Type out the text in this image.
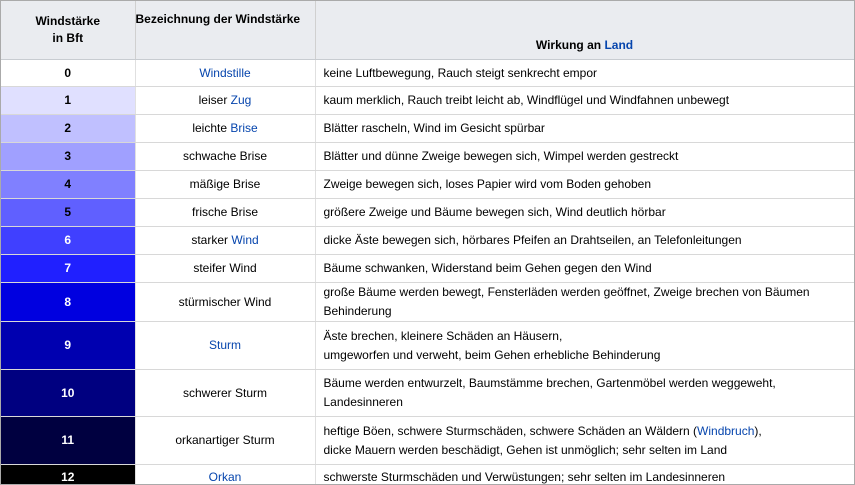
Windstärke
in Bft	Bezeichnung der Windstärke	Wirkung an Land
0	Windstille	keine Luftbewegung, Rauch steigt senkrecht empor
1	leiser Zug	kaum merklich, Rauch treibt leicht ab, Windflügel und Windfahnen unbewegt
2	leichte Brise	Blätter rascheln, Wind im Gesicht spürbar
3	schwache Brise	Blätter und dünne Zweige bewegen sich, Wimpel werden gestreckt
4	mäßige Brise	Zweige bewegen sich, loses Papier wird vom Boden gehoben
5	frische Brise	größere Zweige und Bäume bewegen sich, Wind deutlich hörbar
6	starker Wind	dicke Äste bewegen sich, hörbares Pfeifen an Drahtseilen, an Telefonleitungen
7	steifer Wind	Bäume schwanken, Widerstand beim Gehen gegen den Wind
8	stürmischer Wind	große Bäume werden bewegt, Fensterläden werden geöffnet, Zweige brechen von Bäumen
Behinderung
9	Sturm	Äste brechen, kleinere Schäden an Häusern,
umgeworfen und verweht, beim Gehen erhebliche Behinderung
10	schwerer Sturm	Bäume werden entwurzelt, Baumstämme brechen, Gartenmöbel werden weggeweht,
Landesinneren
11	orkanartiger Sturm	heftige Böen, schwere Sturmschäden, schwere Schäden an Wäldern (Windbruch),
dicke Mauern werden beschädigt, Gehen ist unmöglich; sehr selten im Land
12	Orkan	schwerste Sturmschäden und Verwüstungen; sehr selten im Landesinneren
